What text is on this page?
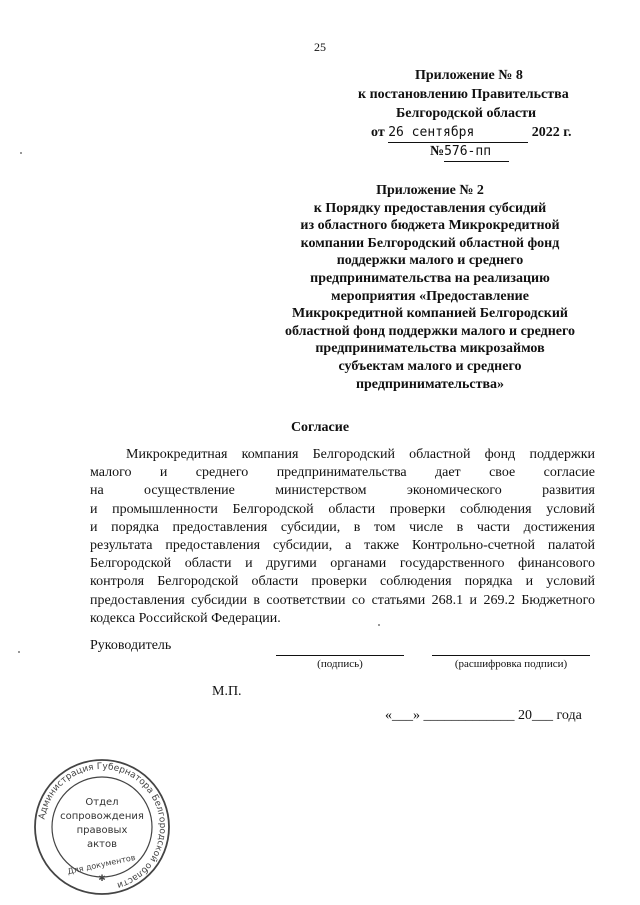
25
Приложение № 8
к постановлению Правительства
Белгородской области
от 26 сентября	2022 г.
№576-пп
Приложение № 2
к Порядку предоставления субсидий
из областного бюджета Микрокредитной
компании Белгородский областной фонд
поддержки малого и среднего
предпринимательства на реализацию
мероприятия «Предоставление
Микрокредитной компанией Белгородский
областной фонд поддержки малого и среднего
предпринимательства микрозаймов
субъектам малого и среднего
предпринимательства»
Согласие
Микрокредитная компания Белгородский областной фонд поддержки
малого и среднего предпринимательства дает свое согласие
на осуществление министерством экономического развития
и промышленности Белгородской области проверки соблюдения условий
и порядка предоставления субсидии, в том числе в части достижения
результата предоставления субсидии, а также Контрольно-счетной палатой
Белгородской области и другими органами государственного финансового
контроля Белгородской области проверки соблюдения порядка и условий
предоставления субсидии в соответствии со статьями 268.1 и 269.2 Бюджетного
кодекса Российской Федерации.
Руководитель
(подпись)	(расшифровка подписи)
М.П.
«___» _____________ 20___ года
Администрация Губернатора Белгородской области
Отдел
сопровождения
правовых
актов
Для документов
✱
